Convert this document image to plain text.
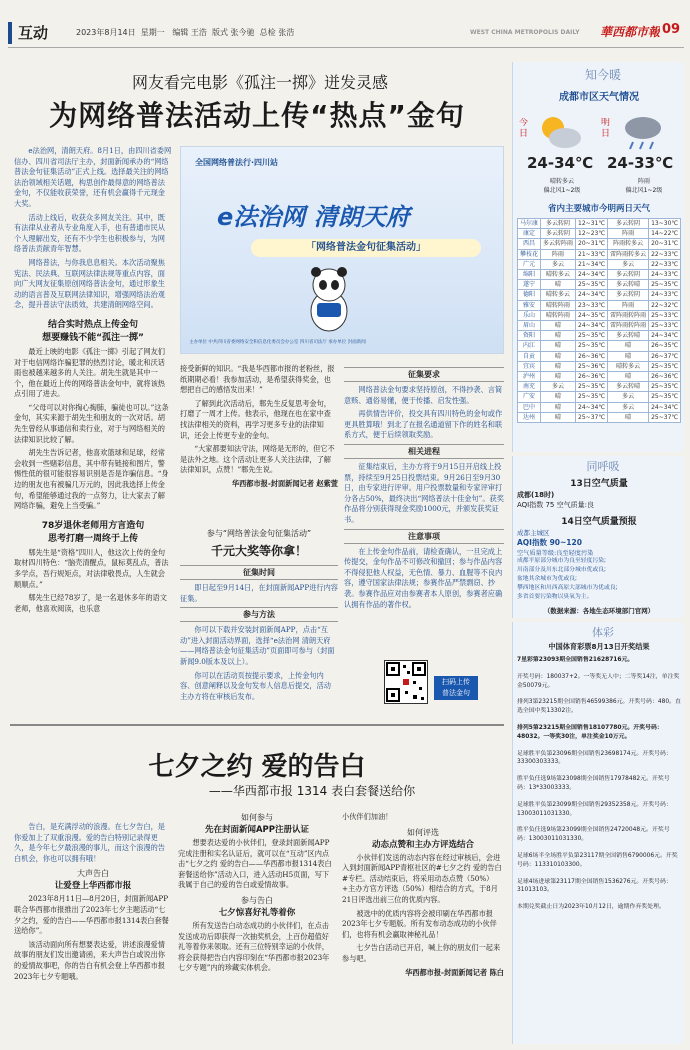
互动	2023年8月14日 星期一 编辑 王浩 版式 张今驰 总检 张浩	WEST CHINA METROPOLIS DAILY	華西都市報 09
网友看完电影《孤注一掷》迸发灵感
为网络普法活动上传“热点”金句

e法治网，清朗天府。8月1日，由四川省委网信办、四川省司法厅主办，封面新闻承办的“网络普法金句征集活动”正式上线。选择最关注的网络法治领域相关话题，构思创作最得意的网络普法金句，不仅能收获荣誉，还有机会赢得千元现金大奖。

活动上线后，收获众多网友关注。其中，既有法律从业者从专业角度入手，也有普通市民从个人理解出发，还有不少学生也积极参与，为网络普法贡献青年智慧。

网络普法，与你我息息相关。本次活动聚焦宪法、民法典、互联网法律法规等重点内容，面向广大网友征集原创网络普法金句，通过形象生动的语言普及互联网法律知识，增强网络法治观念，提升普法守法质效，共建清朗网络空间。

结合实时热点上传金句
想要赚钱不能“孤注一掷”

最近上映的电影《孤注一掷》引起了网友们对于电信网络诈骗犯罪的热烈讨论，暖北和沃话雨也被越来越多的人关注。胡先生就是其中一个，他在最近上传的网络普法金句中，就将该热点引用了进去。

“父母可以对你掏心掏肺，骗徒也可以。”这条金句，其实来源于胡先生和朋友的一次对话。胡先生曾经从事通信和卖行业，对于与网络相关的法律知识比较了解。

胡先生告诉记者，他喜欢篮球和足球，经常会收到一些赌彩信息，其中带有链接和图片，警惕性低的很可能很容易识别是否是诈骗信息。“身边的朋友也有被骗几万元的，因此我选择上传金句，希望能够通过我的一点努力，让大家去了解网络诈骗，避免上当受骗。”

78岁退休老师用方言造句
思考打磨一周终于上传

郫先生是“资格”四川人，他这次上传的金句取材四川特色：“脑壳清醒点，鼠标莫乱点，普法多学点，吾行规矩点，对法律敬畏点，人生就会顺顺点。”

郫先生已经78岁了，是一名退休多年的语文老师，他喜欢阅读，也乐意

全国网络普法行·四川站
e法治网 清朗天府
「网络普法金句征集活动」
主办单位 中共四川省委网络安全和信息化委员会办公室 四川省司法厅 承办单位 封面新闻

接受新鲜的知识。“我是华西都市报的老粉丝，报纸期期必看！我参加活动，是希望获得奖金，也想把自己的感悟发出来！”

了解到此次活动后，郫先生反复思考金句，打磨了一周才上传。他表示，他现在也在家中查找法律相关的资料，再学习更多专业的法律知识，还会上传更专业的金句。

“大家都要知法守法，网络是无形的，但它不是法外之地。这个活动让更多人关注法律，了解法律知识，点赞！”郫先生说。

华西都市报-封面新闻记者 赵紫萱

参与“网络普法金句征集活动”
千元大奖等你拿！
征集时间

即日起至9月14日，在封面新闻APP进行内容征集。

参与方法

你可以下载并安装封面新闻APP，点击“互动”进入封面活动界面，选择“e法治网 清朗天府——网络普法金句征集活动”页面即可参与（封面新闻9.0版本及以上）。

你可以在活动页按提示要求，上传金句内容、创意阐释以及金句发布人信息后提交，活动主办方将在审核后发布。

征集要求

网络普法金句要求坚持原创，不得抄袭、言简意赅、通俗易懂，便于传播、启发性强。

再供情告评价，投交具有四川特色的金句或作更具胜算哦！到北了在报名通道留下作的姓名和联系方式，便于后续领取奖励。

相关进程

征集结束后，主办方将于9月15日开启线上投票，持续至9月25日投票结束。9月26日至9月30日，由专家进行评审。用户投票数量和专家评审打分各占50%，最终决出“网络普法十佳金句”。获奖作品将分别获得现金奖励1000元，并颁发获奖证书。

注意事项

在上传金句作品前，请检查确认，一旦完成上传提交，金句作品不可修改和撤回；参与作品内容不得侵犯他人权益，无色情、暴力、血腥等不良内容，遵守国家法律法规；参赛作品严禁剽窃、抄袭。参赛作品应对由参赛者本人原创，参赛者应确认拥有作品的著作权。

扫码上传
普法金句
知今暖
成都市区天气情况
今日
24-34℃
晴转多云
偏北风1~2级
明日
24-33℃
阵雨
偏北风1~2级
省内主要城市今明两日天气
马尔康	多云转阴	12~31℃	多云转阴	13~30℃
康定	多云转阴	12~23℃	阵雨	14~22℃
西昌	多云转阵雨	20~31℃	阵雨转多云	20~31℃
攀枝花	阵雨	21~33℃	雷阵雨转多云	22~33℃
广元	多云	21~34℃	多云	22~33℃
绵阳	晴转多云	24~34℃	多云转阴	24~33℃
遂宁	晴	25~35℃	多云转晴	25~35℃
德阳	晴转多云	24~34℃	多云转阴	24~33℃
雅安	晴转阵雨	23~33℃	阵雨	22~32℃
乐山	晴转阵雨	24~35℃	雷阵雨转阵雨	25~33℃
眉山	晴	24~34℃	雷阵雨转阵雨	25~33℃
资阳	晴	25~35℃	多云转晴	24~34℃
内江	晴	25~35℃	晴	26~35℃
自贡	晴	26~36℃	晴	26~37℃
宜宾	晴	25~36℃	晴转多云	25~35℃
泸州	晴	26~36℃	晴	26~36℃
南充	多云	25~35℃	多云转晴	25~35℃
广安	晴	25~35℃	多云	25~35℃
巴中	晴	24~34℃	多云	24~34℃
达州	晴	25~37℃	晴	25~37℃
同呼吸
13日空气质量
成都(18时)
AQI指数 75 空气质量:良
14日空气质量预报
成都主城区
AQI指数 90~120
空气质量等级:良至轻度污染
成都平原部分城市为良至轻度污染;
川南部分及川东北部分城市优或良;
盆地其余城市为优或良;
攀西地区和川西高原大部城市为优或良;
多省首要污染物以臭氧为主。
（数据来源：各地生态环境部门官网）
体彩
中国体育彩票8月13日开奖结果
7星彩第23093期全国销售21628716元。
开奖号码：180037+2。一等奖无人中；二等奖14注，单注奖金50079元。
排列3第23215期全国销售46599386元。开奖号码：480。直选全国中奖13302注。
排列5第23215期全国销售18107780元。开奖号码：48032。一等奖30注，单注奖金10万元。
足球胜平负第23096期全国销售23698174元。开奖号码：33300303333。
胜平负任选9场第23098期全国销售17978482元。开奖号码：13*33003333。
足球胜平负第23099期全国销售29352358元。开奖号码：13003011031330。
胜平负任选9场第23099期全国销售24720048元。开奖号码：13003011031330。
足球6场半全场胜平负第23117期全国销售6790006元。开奖号码：113310103300。
足球4场进球第23117期全国销售1536276元。开奖号码：31013103。
本期兑奖截止日为2023年10月12日，逾期作弃奖处理。
七夕之约 爱的告白
——华西都市报 1314 表白套餐送给你

告白，是充满浮动的浪漫。在七夕告白，是你爱加上了双重浪漫。爱的告白特别记录得更久，是今年七夕最浪漫的事儿，而这个浪漫的告白机会，你也可以拥有哦！

大声告白
让爱登上华西都市报

2023年8月11日—8月20日，封面新闻APP联合华西都市报推出了2023年七夕主题活动“七夕之约，爱的告白——华西都市报1314表白套餐送给你”。

该活动面向所有想要表达爱，讲述浪漫爱情故事的朋友们发出邀请函，来大声告白或说出你的爱情故事吧，你的告白有机会登上华西都市报2023年七夕专题哦。

如何参与
先在封面新闻APP注册认证

想要表达爱的小伙伴们，登录封面新闻APP完成注册和实名认证后，就可以在“互动”区内点击“七夕之约 爱的告白——华西都市报1314表白套餐送给你”活动入口，进入活动H5页面，写下我属于自己的爱的告白或爱情故事。

参与告白
七夕惊喜好礼等着你

所有发送告白动态成功的小伙伴们，在点击发送成功后即获得一次抽奖机会，上百份超值好礼等着你来领取。还有三位特别幸运的小伙伴，将会获得把告白内容印刻在“华西都市报2023年七夕专题”内的珍藏实体机会。

小伙伴们加油！

如何评选
动态点赞和主办方评选结合

小伙伴们发送的动态内容在经过审核后，会进入到封面新闻APP青枢社区的#七夕之约 爱的告白#专栏。活动结束后，将采用动态点赞（50%）+主办方官方评选（50%）相结合的方式，于8月21日评选出前三位的优质内容。

被选中的优质内容将会被印刷在华西都市报2023年七夕专题版。所有发布动态成功的小伙伴们，也将有机会赢取神秘礼品！

七夕告白活动已开启，喊上你的朋友们一起来参与吧。

华西都市报-封面新闻记者 陈白
